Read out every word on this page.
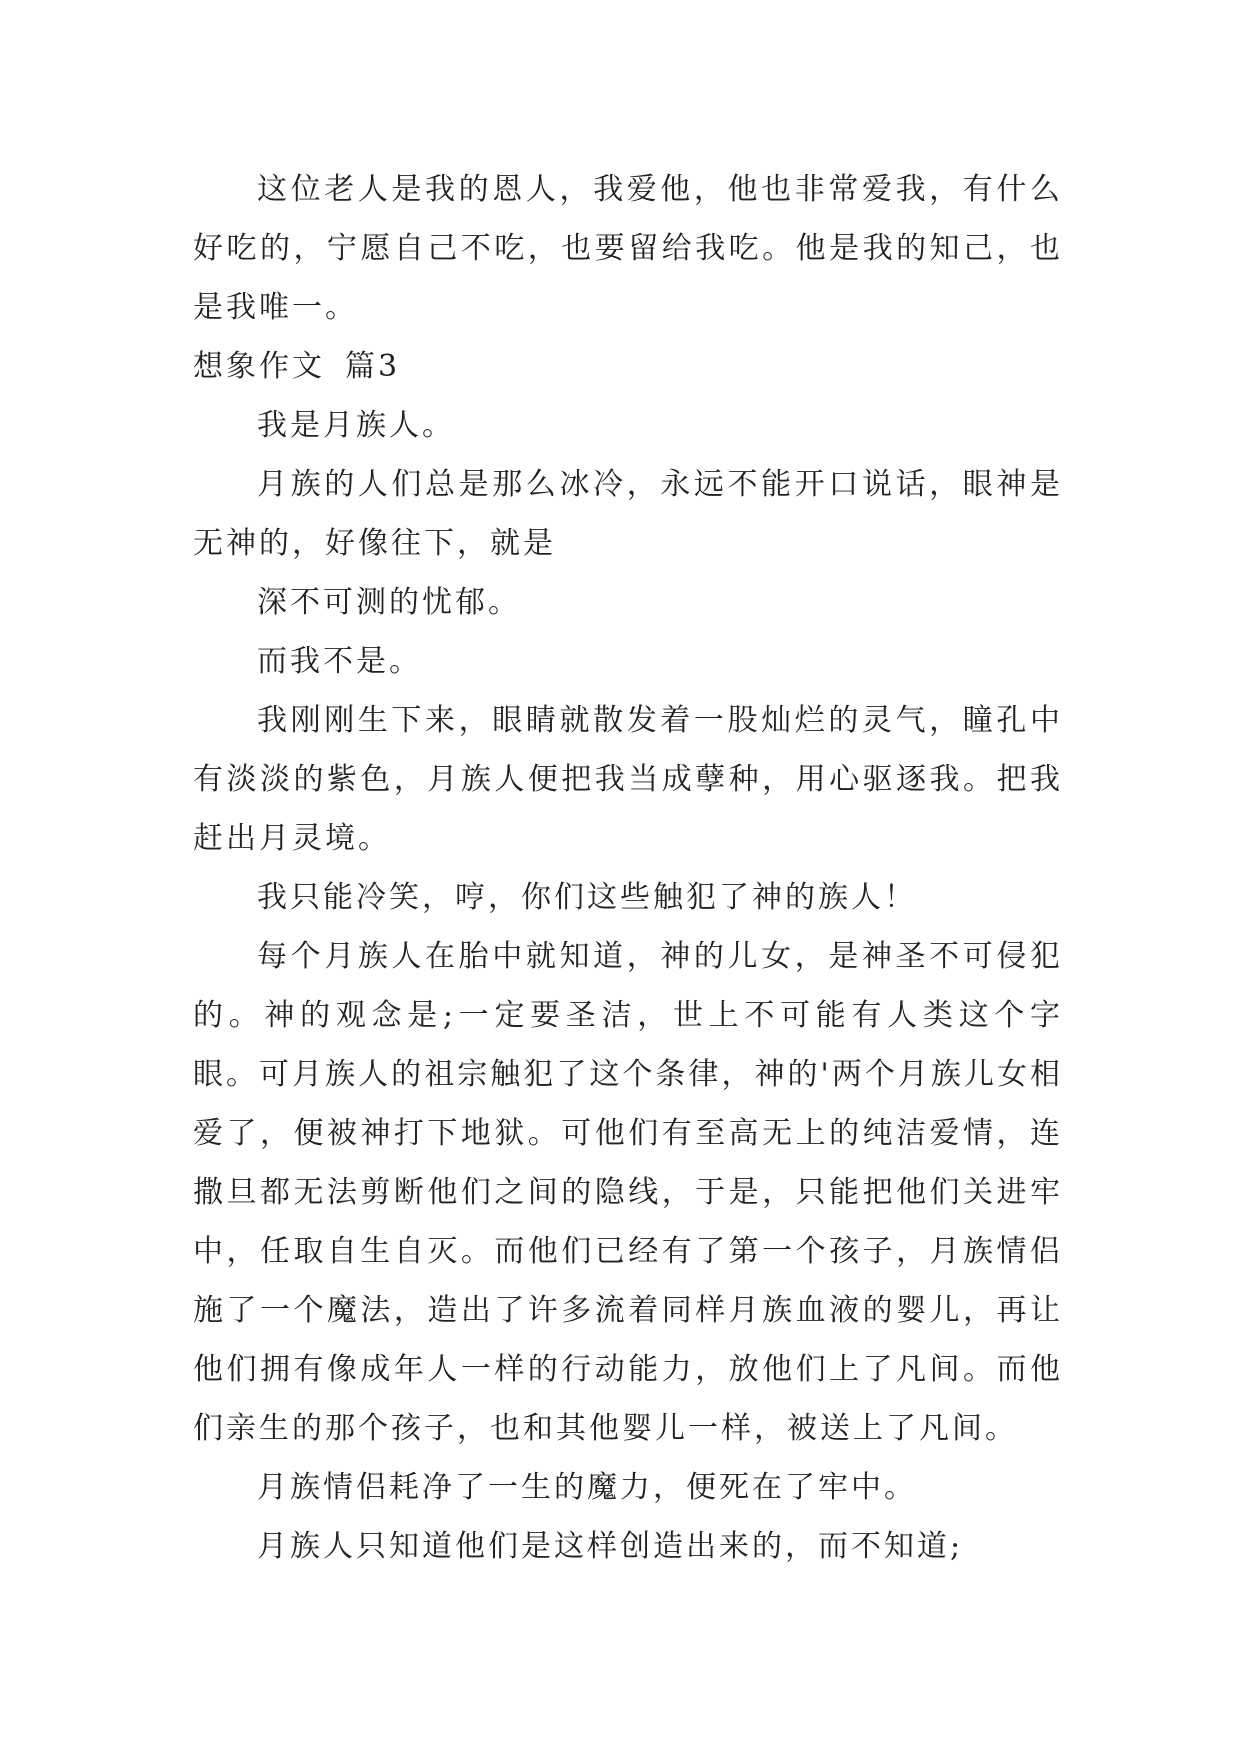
这位老人是我的恩人，我爱他，他也非常爱我，有什么好吃的，宁愿自己不吃，也要留给我吃。他是我的知己，也是我唯一。

想象作文 篇3

我是月族人。

月族的人们总是那么冰冷，永远不能开口说话，眼神是无神的，好像往下，就是

深不可测的忧郁。

而我不是。

我刚刚生下来，眼睛就散发着一股灿烂的灵气，瞳孔中有淡淡的紫色，月族人便把我当成孽种，用心驱逐我。把我赶出月灵境。

我只能冷笑，哼，你们这些触犯了神的族人！

每个月族人在胎中就知道，神的儿女，是神圣不可侵犯的。神的观念是;一定要圣洁，世上不可能有人类这个字眼。可月族人的祖宗触犯了这个条律，神的'两个月族儿女相爱了，便被神打下地狱。可他们有至高无上的纯洁爱情，连撒旦都无法剪断他们之间的隐线，于是，只能把他们关进牢中，任取自生自灭。而他们已经有了第一个孩子，月族情侣施了一个魔法，造出了许多流着同样月族血液的婴儿，再让他们拥有像成年人一样的行动能力，放他们上了凡间。而他们亲生的那个孩子，也和其他婴儿一样，被送上了凡间。

月族情侣耗净了一生的魔力，便死在了牢中。

月族人只知道他们是这样创造出来的，而不知道;
